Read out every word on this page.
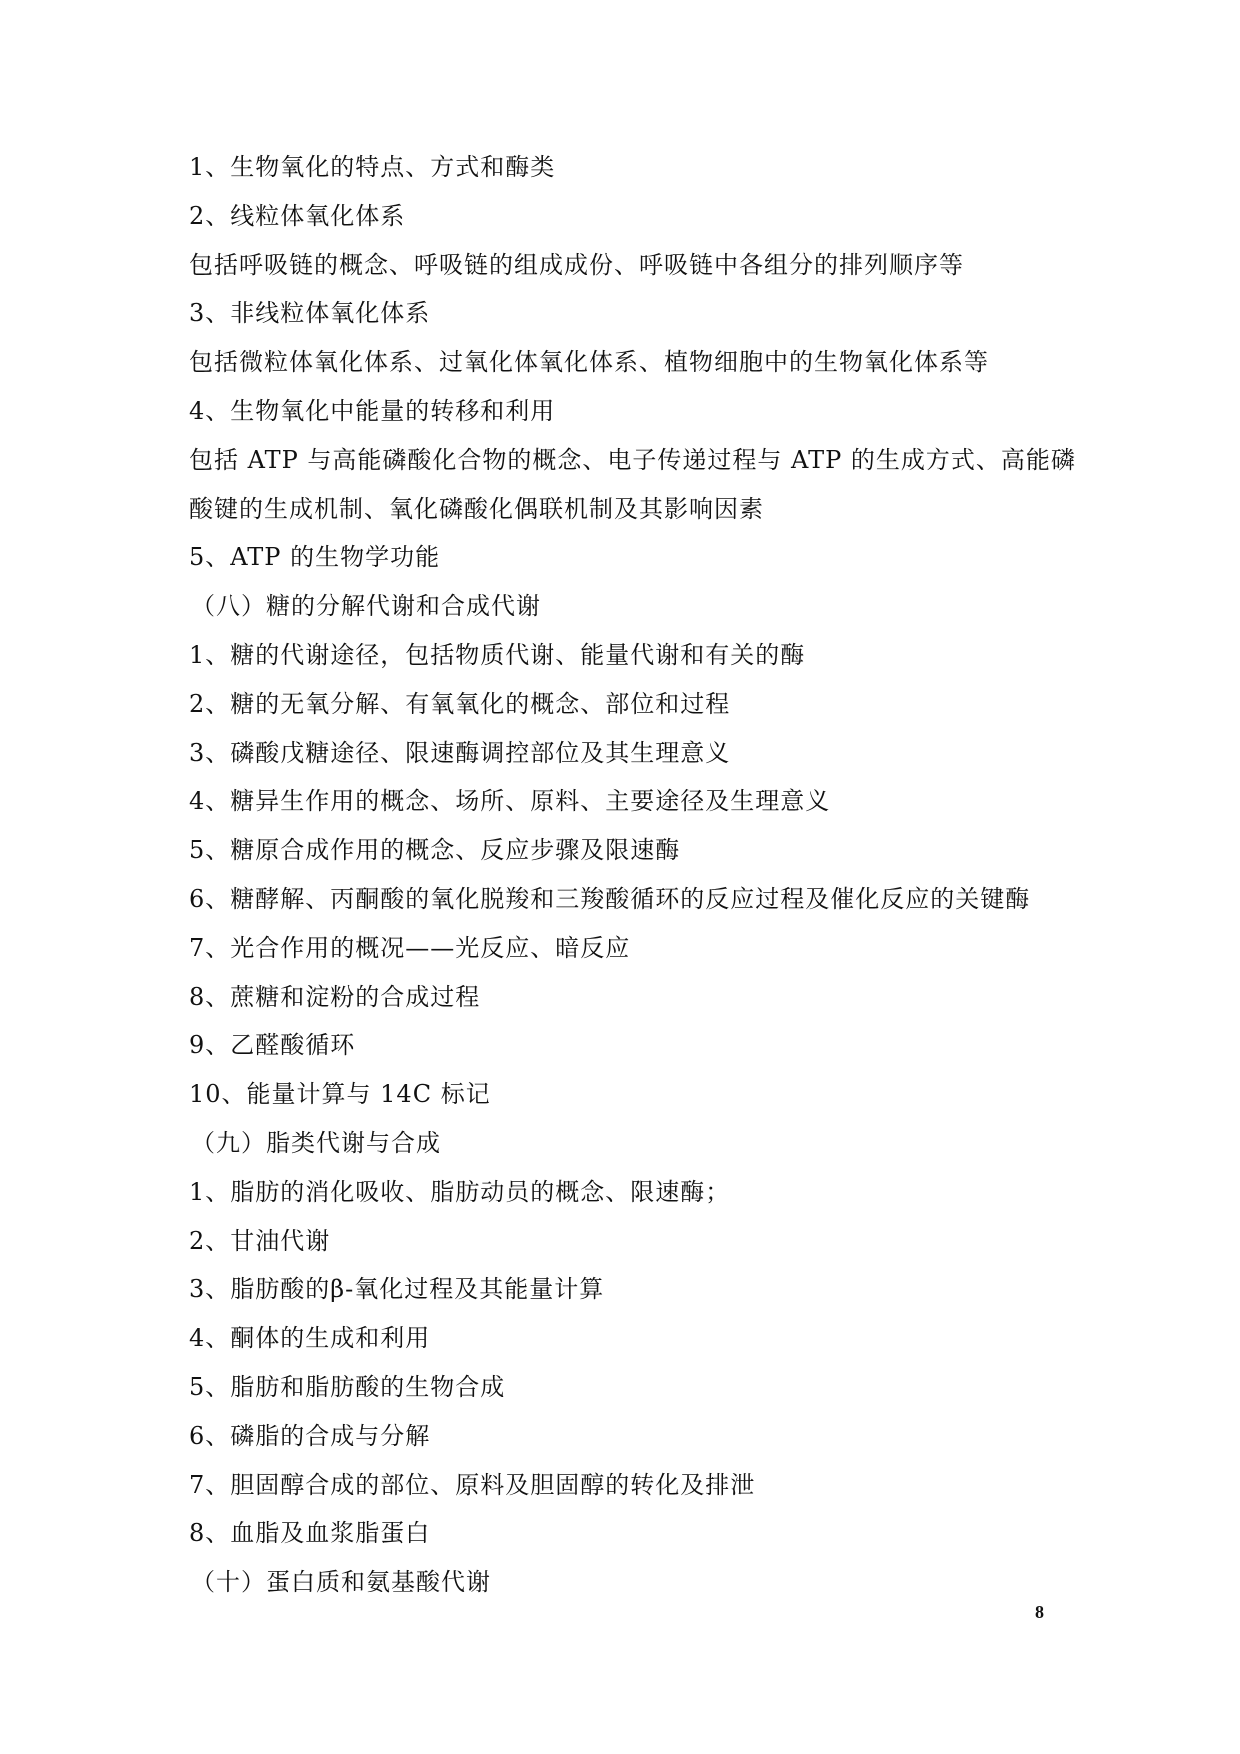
1、生物氧化的特点、方式和酶类
2、线粒体氧化体系
包括呼吸链的概念、呼吸链的组成成份、呼吸链中各组分的排列顺序等
3、非线粒体氧化体系
包括微粒体氧化体系、过氧化体氧化体系、植物细胞中的生物氧化体系等
4、生物氧化中能量的转移和利用
包括 ATP 与高能磷酸化合物的概念、电子传递过程与 ATP 的生成方式、高能磷
酸键的生成机制、氧化磷酸化偶联机制及其影响因素
5、ATP 的生物学功能
（八）糖的分解代谢和合成代谢
1、糖的代谢途径，包括物质代谢、能量代谢和有关的酶
2、糖的无氧分解、有氧氧化的概念、部位和过程
3、磷酸戊糖途径、限速酶调控部位及其生理意义
4、糖异生作用的概念、场所、原料、主要途径及生理意义
5、糖原合成作用的概念、反应步骤及限速酶
6、糖酵解、丙酮酸的氧化脱羧和三羧酸循环的反应过程及催化反应的关键酶
7、光合作用的概况——光反应、暗反应
8、蔗糖和淀粉的合成过程
9、乙醛酸循环
10、能量计算与 14C 标记
（九）脂类代谢与合成
1、脂肪的消化吸收、脂肪动员的概念、限速酶；
2、甘油代谢
3、脂肪酸的β-氧化过程及其能量计算
4、酮体的生成和利用
5、脂肪和脂肪酸的生物合成
6、磷脂的合成与分解
7、胆固醇合成的部位、原料及胆固醇的转化及排泄
8、血脂及血浆脂蛋白
（十）蛋白质和氨基酸代谢
8
